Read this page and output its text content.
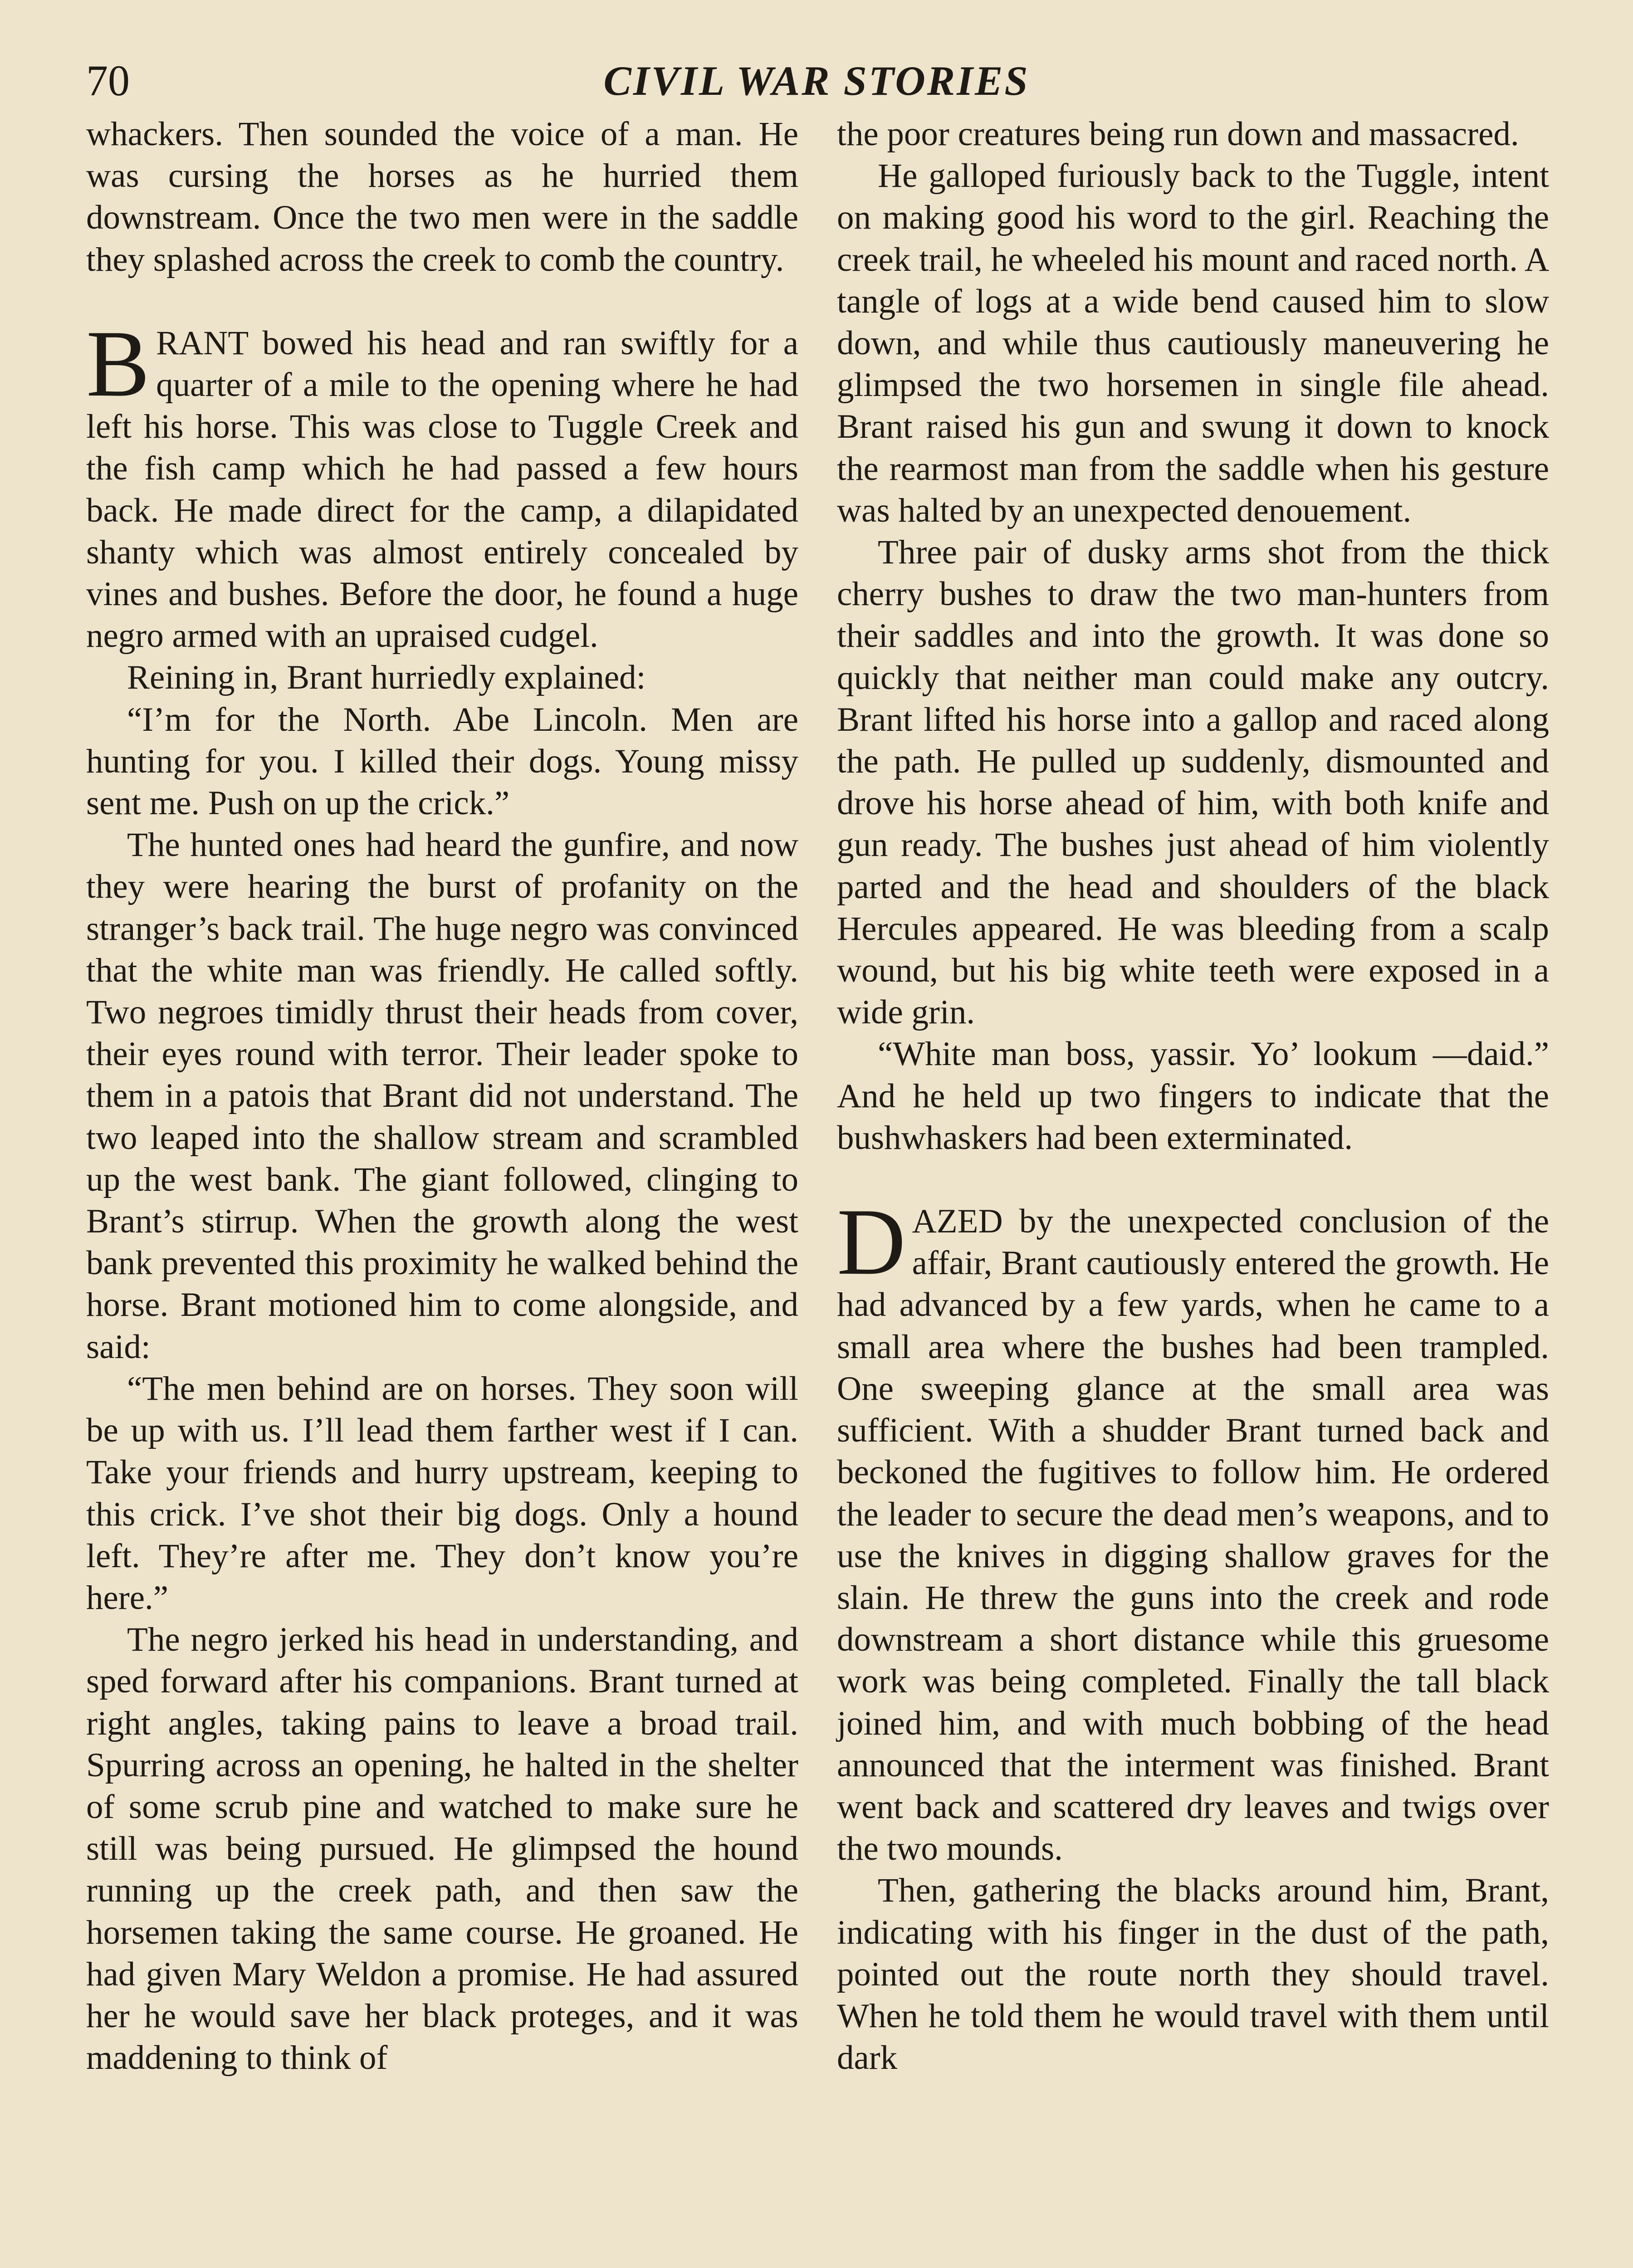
70	CIVIL WAR STORIES

whackers. Then sounded the voice of a man. He was cursing the horses as he hurried them downstream. Once the two men were in the saddle they splashed across the creek to comb the country.

BRANT bowed his head and ran swiftly for a quarter of a mile to the opening where he had left his horse. This was close to Tuggle Creek and the fish camp which he had passed a few hours back. He made direct for the camp, a dilapidated shanty which was almost entirely concealed by vines and bushes. Before the door, he found a huge negro armed with an upraised cudgel.

Reining in, Brant hurriedly explained:

“I’m for the North. Abe Lincoln. Men are hunting for you. I killed their dogs. Young missy sent me. Push on up the crick.”

The hunted ones had heard the gunfire, and now they were hearing the burst of profanity on the stranger’s back trail. The huge negro was convinced that the white man was friendly. He called softly. Two negroes timidly thrust their heads from cover, their eyes round with terror. Their leader spoke to them in a patois that Brant did not understand. The two leaped into the shallow stream and scrambled up the west bank. The giant followed, clinging to Brant’s stirrup. When the growth along the west bank prevented this proximity he walked behind the horse. Brant motioned him to come alongside, and said:

“The men behind are on horses. They soon will be up with us. I’ll lead them farther west if I can. Take your friends and hurry upstream, keeping to this crick. I’ve shot their big dogs. Only a hound left. They’re after me. They don’t know you’re here.”

The negro jerked his head in understanding, and sped forward after his companions. Brant turned at right angles, taking pains to leave a broad trail. Spurring across an opening, he halted in the shelter of some scrub pine and watched to make sure he still was being pursued. He glimpsed the hound running up the creek path, and then saw the horsemen taking the same course. He groaned. He had given Mary Weldon a promise. He had assured her he would save her black proteges, and it was maddening to think of

the poor creatures being run down and massacred.

He galloped furiously back to the Tuggle, intent on making good his word to the girl. Reaching the creek trail, he wheeled his mount and raced north. A tangle of logs at a wide bend caused him to slow down, and while thus cautiously maneuvering he glimpsed the two horsemen in single file ahead. Brant raised his gun and swung it down to knock the rearmost man from the saddle when his gesture was halted by an unexpected denouement.

Three pair of dusky arms shot from the thick cherry bushes to draw the two man-hunters from their saddles and into the growth. It was done so quickly that neither man could make any outcry. Brant lifted his horse into a gallop and raced along the path. He pulled up suddenly, dismounted and drove his horse ahead of him, with both knife and gun ready. The bushes just ahead of him violently parted and the head and shoulders of the black Hercules appeared. He was bleeding from a scalp wound, but his big white teeth were exposed in a wide grin.

“White man boss, yassir. Yo’ lookum —daid.” And he held up two fingers to indicate that the bushwhaskers had been exterminated.

DAZED by the unexpected conclusion of the affair, Brant cautiously entered the growth. He had advanced by a few yards, when he came to a small area where the bushes had been trampled. One sweeping glance at the small area was sufficient. With a shudder Brant turned back and beckoned the fugitives to follow him. He ordered the leader to secure the dead men’s weapons, and to use the knives in digging shallow graves for the slain. He threw the guns into the creek and rode downstream a short distance while this gruesome work was being completed. Finally the tall black joined him, and with much bobbing of the head announced that the interment was finished. Brant went back and scattered dry leaves and twigs over the two mounds.

Then, gathering the blacks around him, Brant, indicating with his finger in the dust of the path, pointed out the route north they should travel. When he told them he would travel with them until dark
